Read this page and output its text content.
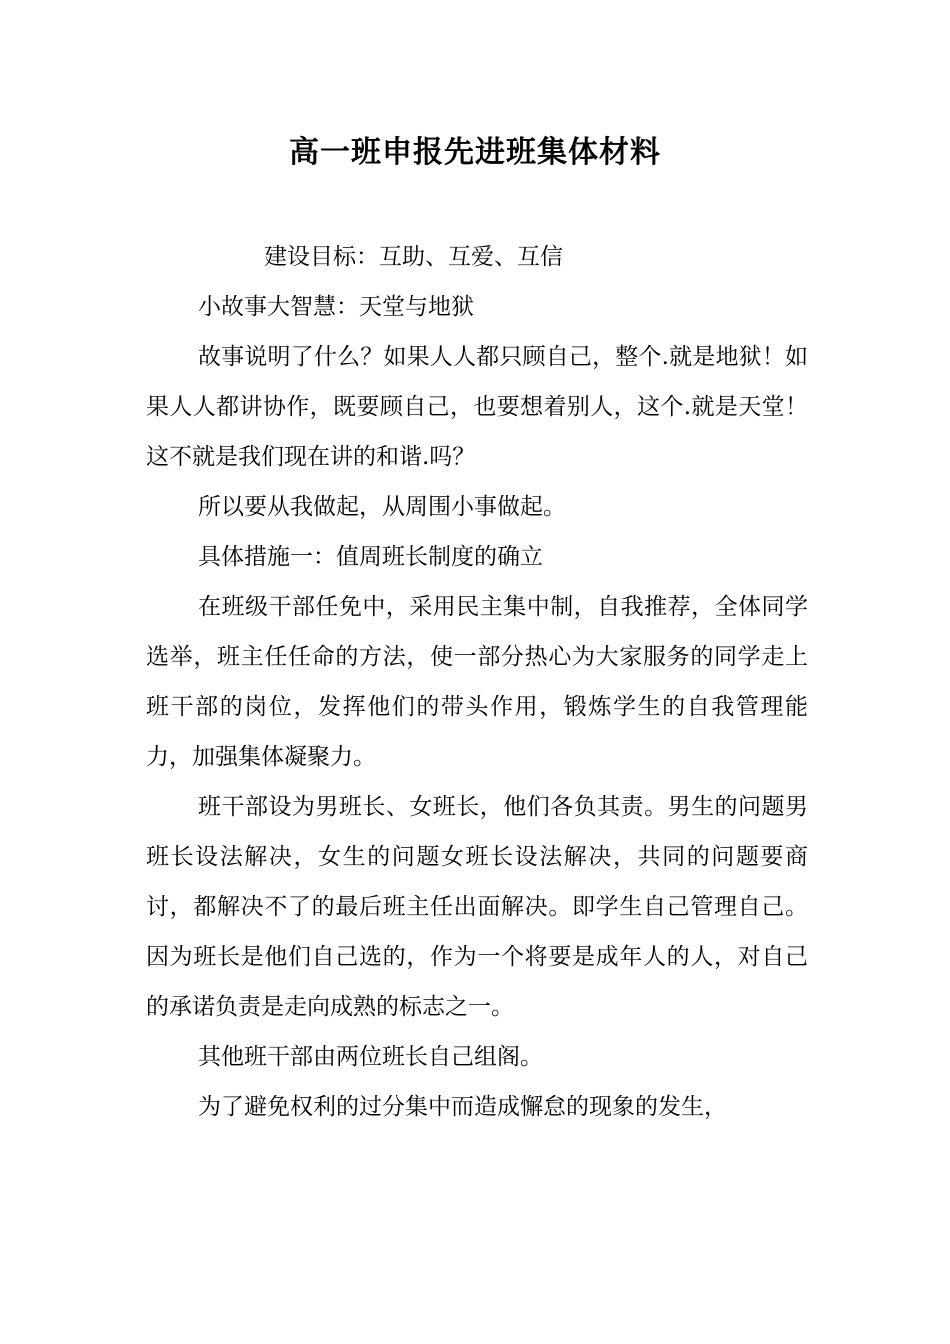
高一班申报先进班集体材料

建设目标：互助、互爱、互信

小故事大智慧：天堂与地狱

故事说明了什么？如果人人都只顾自己，整个.就是地狱！如果人人都讲协作，既要顾自己，也要想着别人，这个.就是天堂！这不就是我们现在讲的和谐.吗？

所以要从我做起，从周围小事做起。

具体措施一：值周班长制度的确立

在班级干部任免中，采用民主集中制，自我推荐，全体同学选举，班主任任命的方法，使一部分热心为大家服务的同学走上班干部的岗位，发挥他们的带头作用，锻炼学生的自我管理能力，加强集体凝聚力。

班干部设为男班长、女班长，他们各负其责。男生的问题男班长设法解决，女生的问题女班长设法解决，共同的问题要商讨，都解决不了的最后班主任出面解决。即学生自己管理自己。因为班长是他们自己选的，作为一个将要是成年人的人，对自己的承诺负责是走向成熟的标志之一。

其他班干部由两位班长自己组阁。

为了避免权利的过分集中而造成懈怠的现象的发生，
